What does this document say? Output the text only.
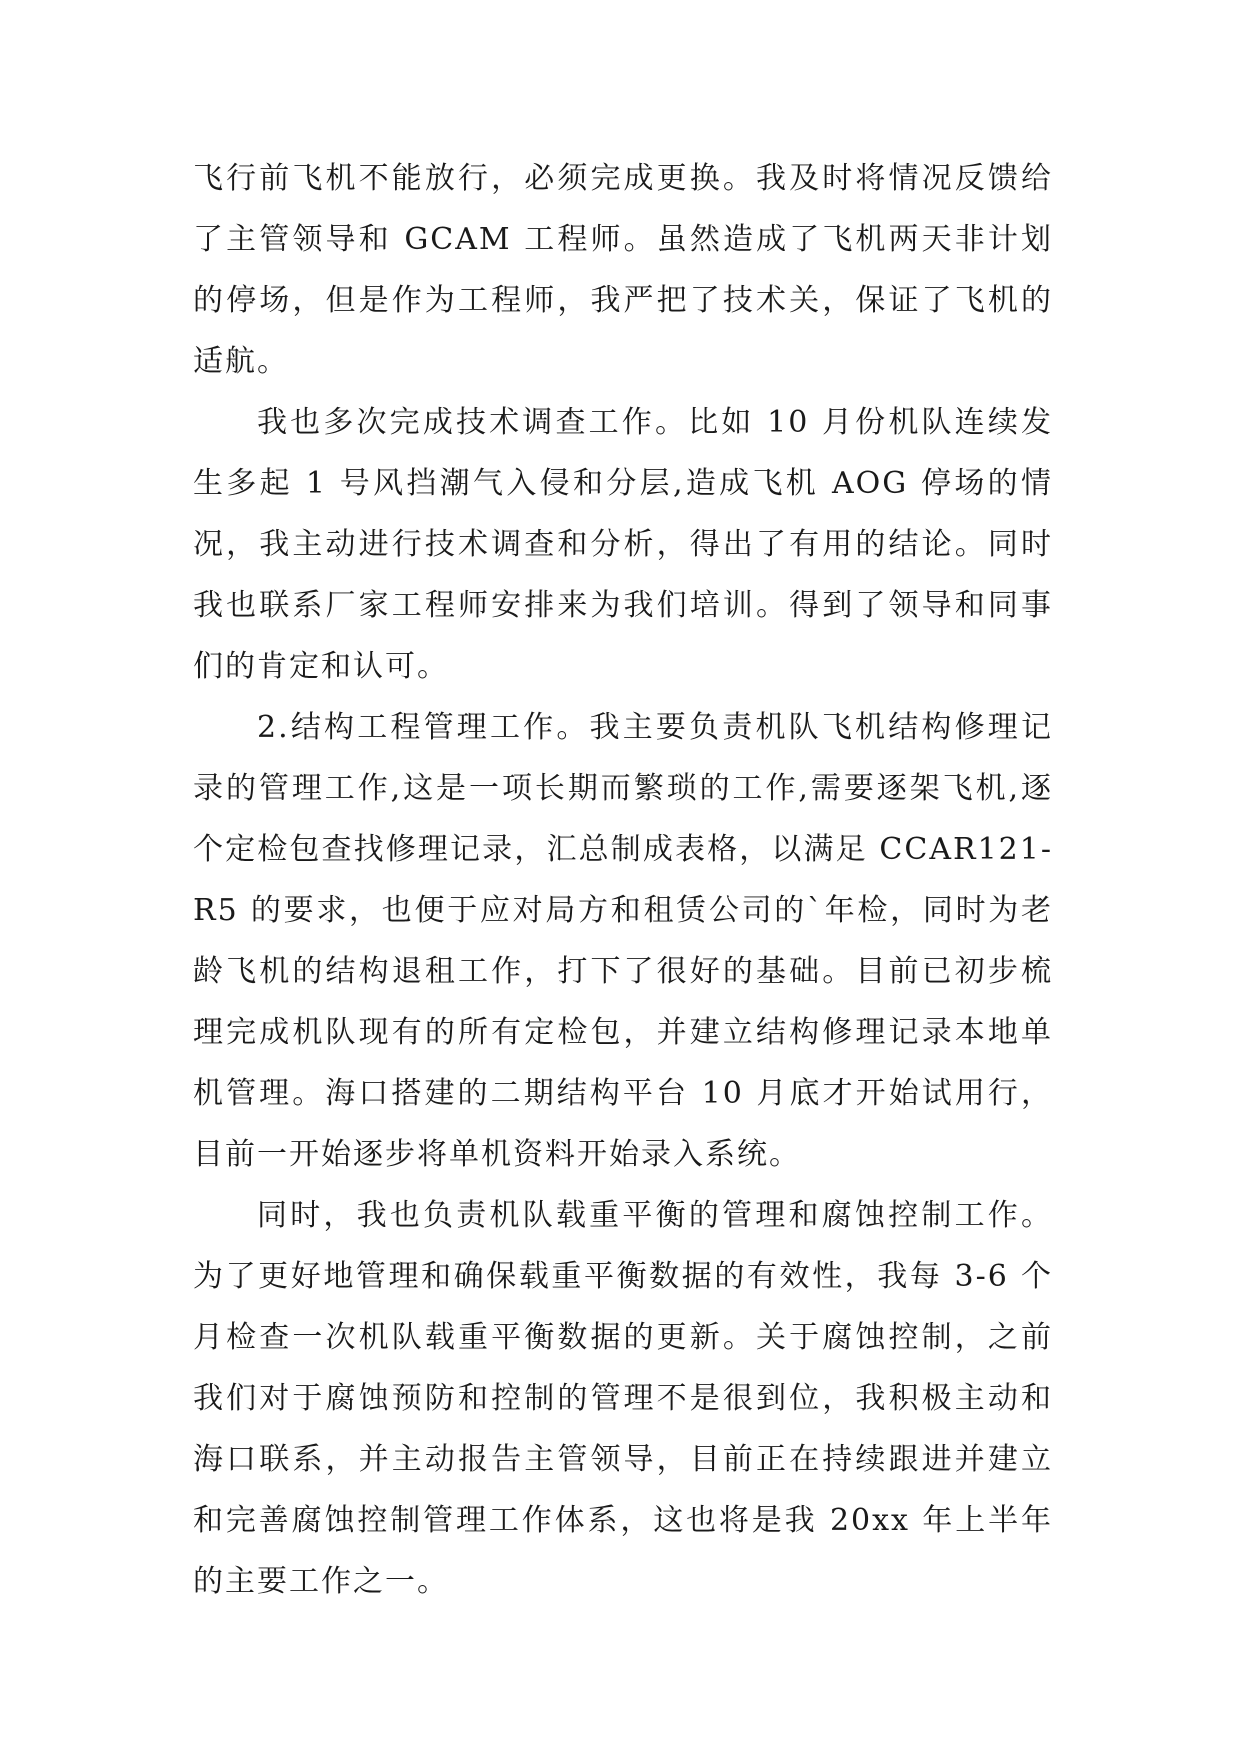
飞行前飞机不能放行，必须完成更换。我及时将情况反馈给了主管领导和 GCAM 工程师。虽然造成了飞机两天非计划的停场，但是作为工程师，我严把了技术关，保证了飞机的适航。

我也多次完成技术调查工作。比如 10 月份机队连续发生多起 1 号风挡潮气入侵和分层,造成飞机 AOG 停场的情况，我主动进行技术调查和分析，得出了有用的结论。同时我也联系厂家工程师安排来为我们培训。得到了领导和同事们的肯定和认可。

2.结构工程管理工作。我主要负责机队飞机结构修理记录的管理工作,这是一项长期而繁琐的工作,需要逐架飞机,逐个定检包查找修理记录，汇总制成表格，以满足 CCAR121-R5 的要求，也便于应对局方和租赁公司的`年检，同时为老龄飞机的结构退租工作，打下了很好的基础。目前已初步梳理完成机队现有的所有定检包，并建立结构修理记录本地单机管理。海口搭建的二期结构平台 10 月底才开始试用行，目前一开始逐步将单机资料开始录入系统。

同时，我也负责机队载重平衡的管理和腐蚀控制工作。为了更好地管理和确保载重平衡数据的有效性，我每 3-6 个月检查一次机队载重平衡数据的更新。关于腐蚀控制，之前我们对于腐蚀预防和控制的管理不是很到位，我积极主动和海口联系，并主动报告主管领导，目前正在持续跟进并建立和完善腐蚀控制管理工作体系，这也将是我 20xx 年上半年的主要工作之一。
